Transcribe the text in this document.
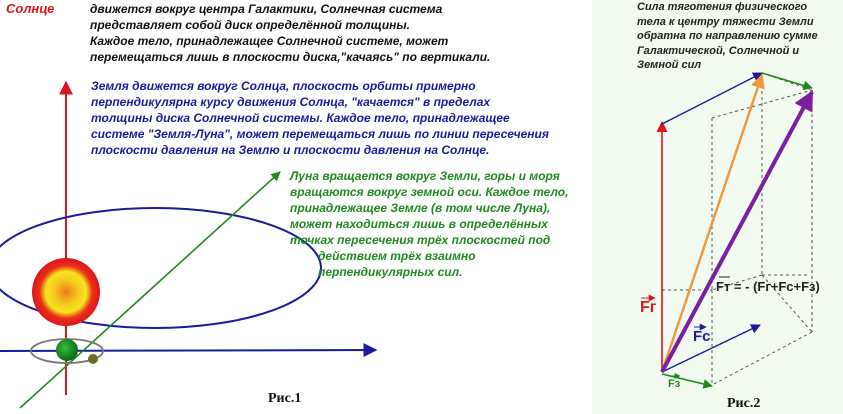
Солнце	движется вокруг центра Галактики, Солнечная система
представляет собой диск определённой толщины.
Каждое тело, принадлежащее Солнечной системе, может
перемещаться лишь в плоскости диска,"качаясь" по вертикали.
Земля движется вокруг Солнца, плоскость орбиты примерно
перпендикулярна курсу движения Солнца, "качается" в пределах
толщины диска Солнечной системы. Каждое тело, принадлежащее
системе "Земля-Луна", может перемещаться лишь по линии пересечения
плоскости давления на Землю и плоскости давления на Солнце.
Луна вращается вокруг Земли, горы и моря
вращаются вокруг земной оси. Каждое тело,
принадлежащее Земле (в том числе Луна),
может находиться лишь в определённых
точках пересечения трёх плоскостей под
действием трёх взаимно
перпендикулярных сил.
Рис.1
Сила тяготения физического
тела к центру тяжести Земли
обратна по направлению сумме
Галактической, Солнечной и
Земной сил
Fт = - (Fг+Fс+Fз)
Fг
Fс
Fз
Рис.2
